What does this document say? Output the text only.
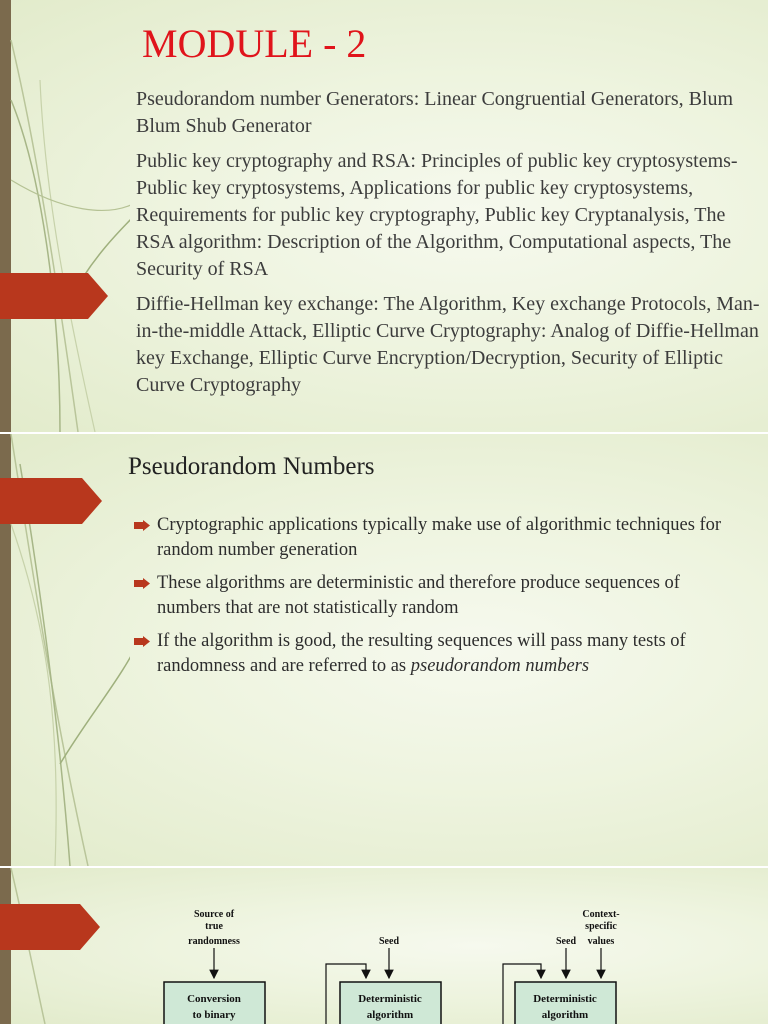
MODULE - 2

Pseudorandom number Generators: Linear Congruential Generators, Blum Blum Shub Generator

Public key cryptography and RSA: Principles of public key cryptosystems-Public key cryptosystems, Applications for public key cryptosystems, Requirements for public key cryptography, Public key Cryptanalysis, The RSA algorithm: Description of the Algorithm, Computational aspects, The Security of RSA

Diffie-Hellman key exchange: The Algorithm, Key exchange Protocols, Man-in-the-middle Attack, Elliptic Curve Cryptography: Analog of Diffie-Hellman key Exchange, Elliptic Curve Encryption/Decryption, Security of Elliptic Curve Cryptography

Pseudorandom Numbers
Cryptographic applications typically make use of algorithmic techniques for random number generation
These algorithms are deterministic and therefore produce sequences of numbers that are not statistically random
If the algorithm is good, the resulting sequences will pass many tests of randomness and are referred to as pseudorandom numbers
Source of
true
randomness
Conversion
to binary
Seed
Deterministic
algorithm
Context-
specific
values
Seed
Deterministic
algorithm
